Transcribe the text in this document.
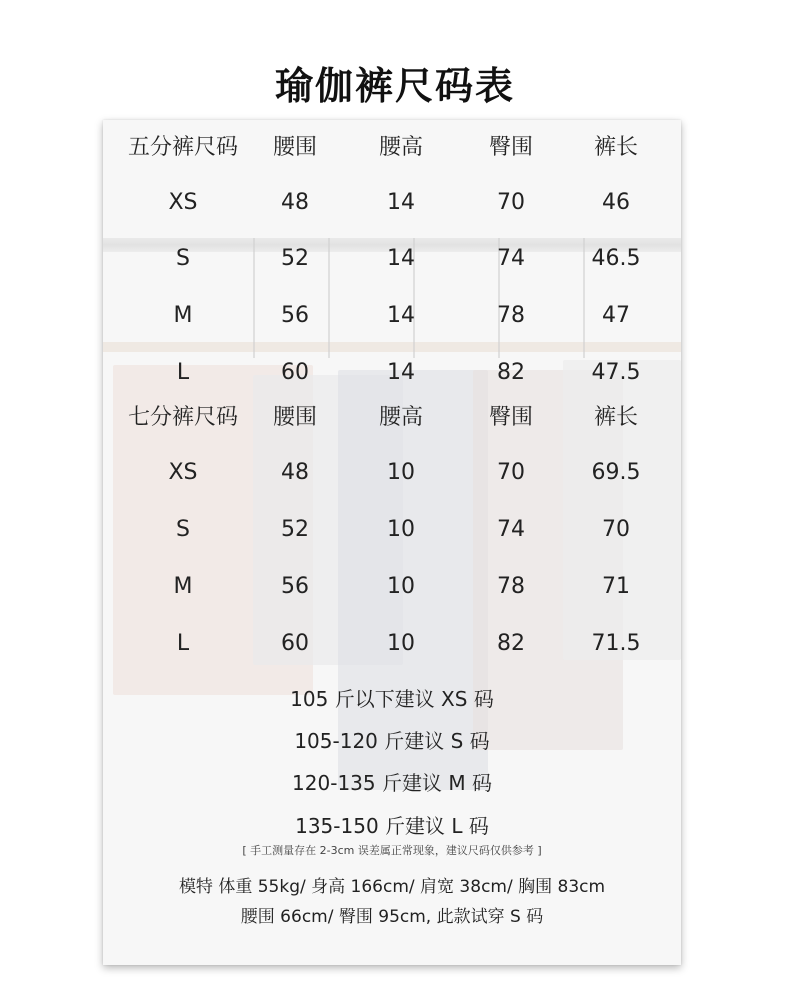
瑜伽裤尺码表
五分裤尺码	腰围	腰高	臀围	裤长
XS	48	14	70	46
S	52	14	74	46.5
M	56	14	78	47
L	60	14	82	47.5
七分裤尺码	腰围	腰高	臀围	裤长
XS	48	10	70	69.5
S	52	10	74	70
M	56	10	78	71
L	60	10	82	71.5
105 斤以下建议 XS 码
105-120 斤建议 S 码
120-135 斤建议 M 码
135-150 斤建议 L 码
[ 手工测量存在 2-3cm 误差属正常现象，建议尺码仅供参考 ]
模特 体重 55kg/ 身高 166cm/ 肩宽 38cm/ 胸围 83cm
腰围 66cm/ 臀围 95cm, 此款试穿 S 码
